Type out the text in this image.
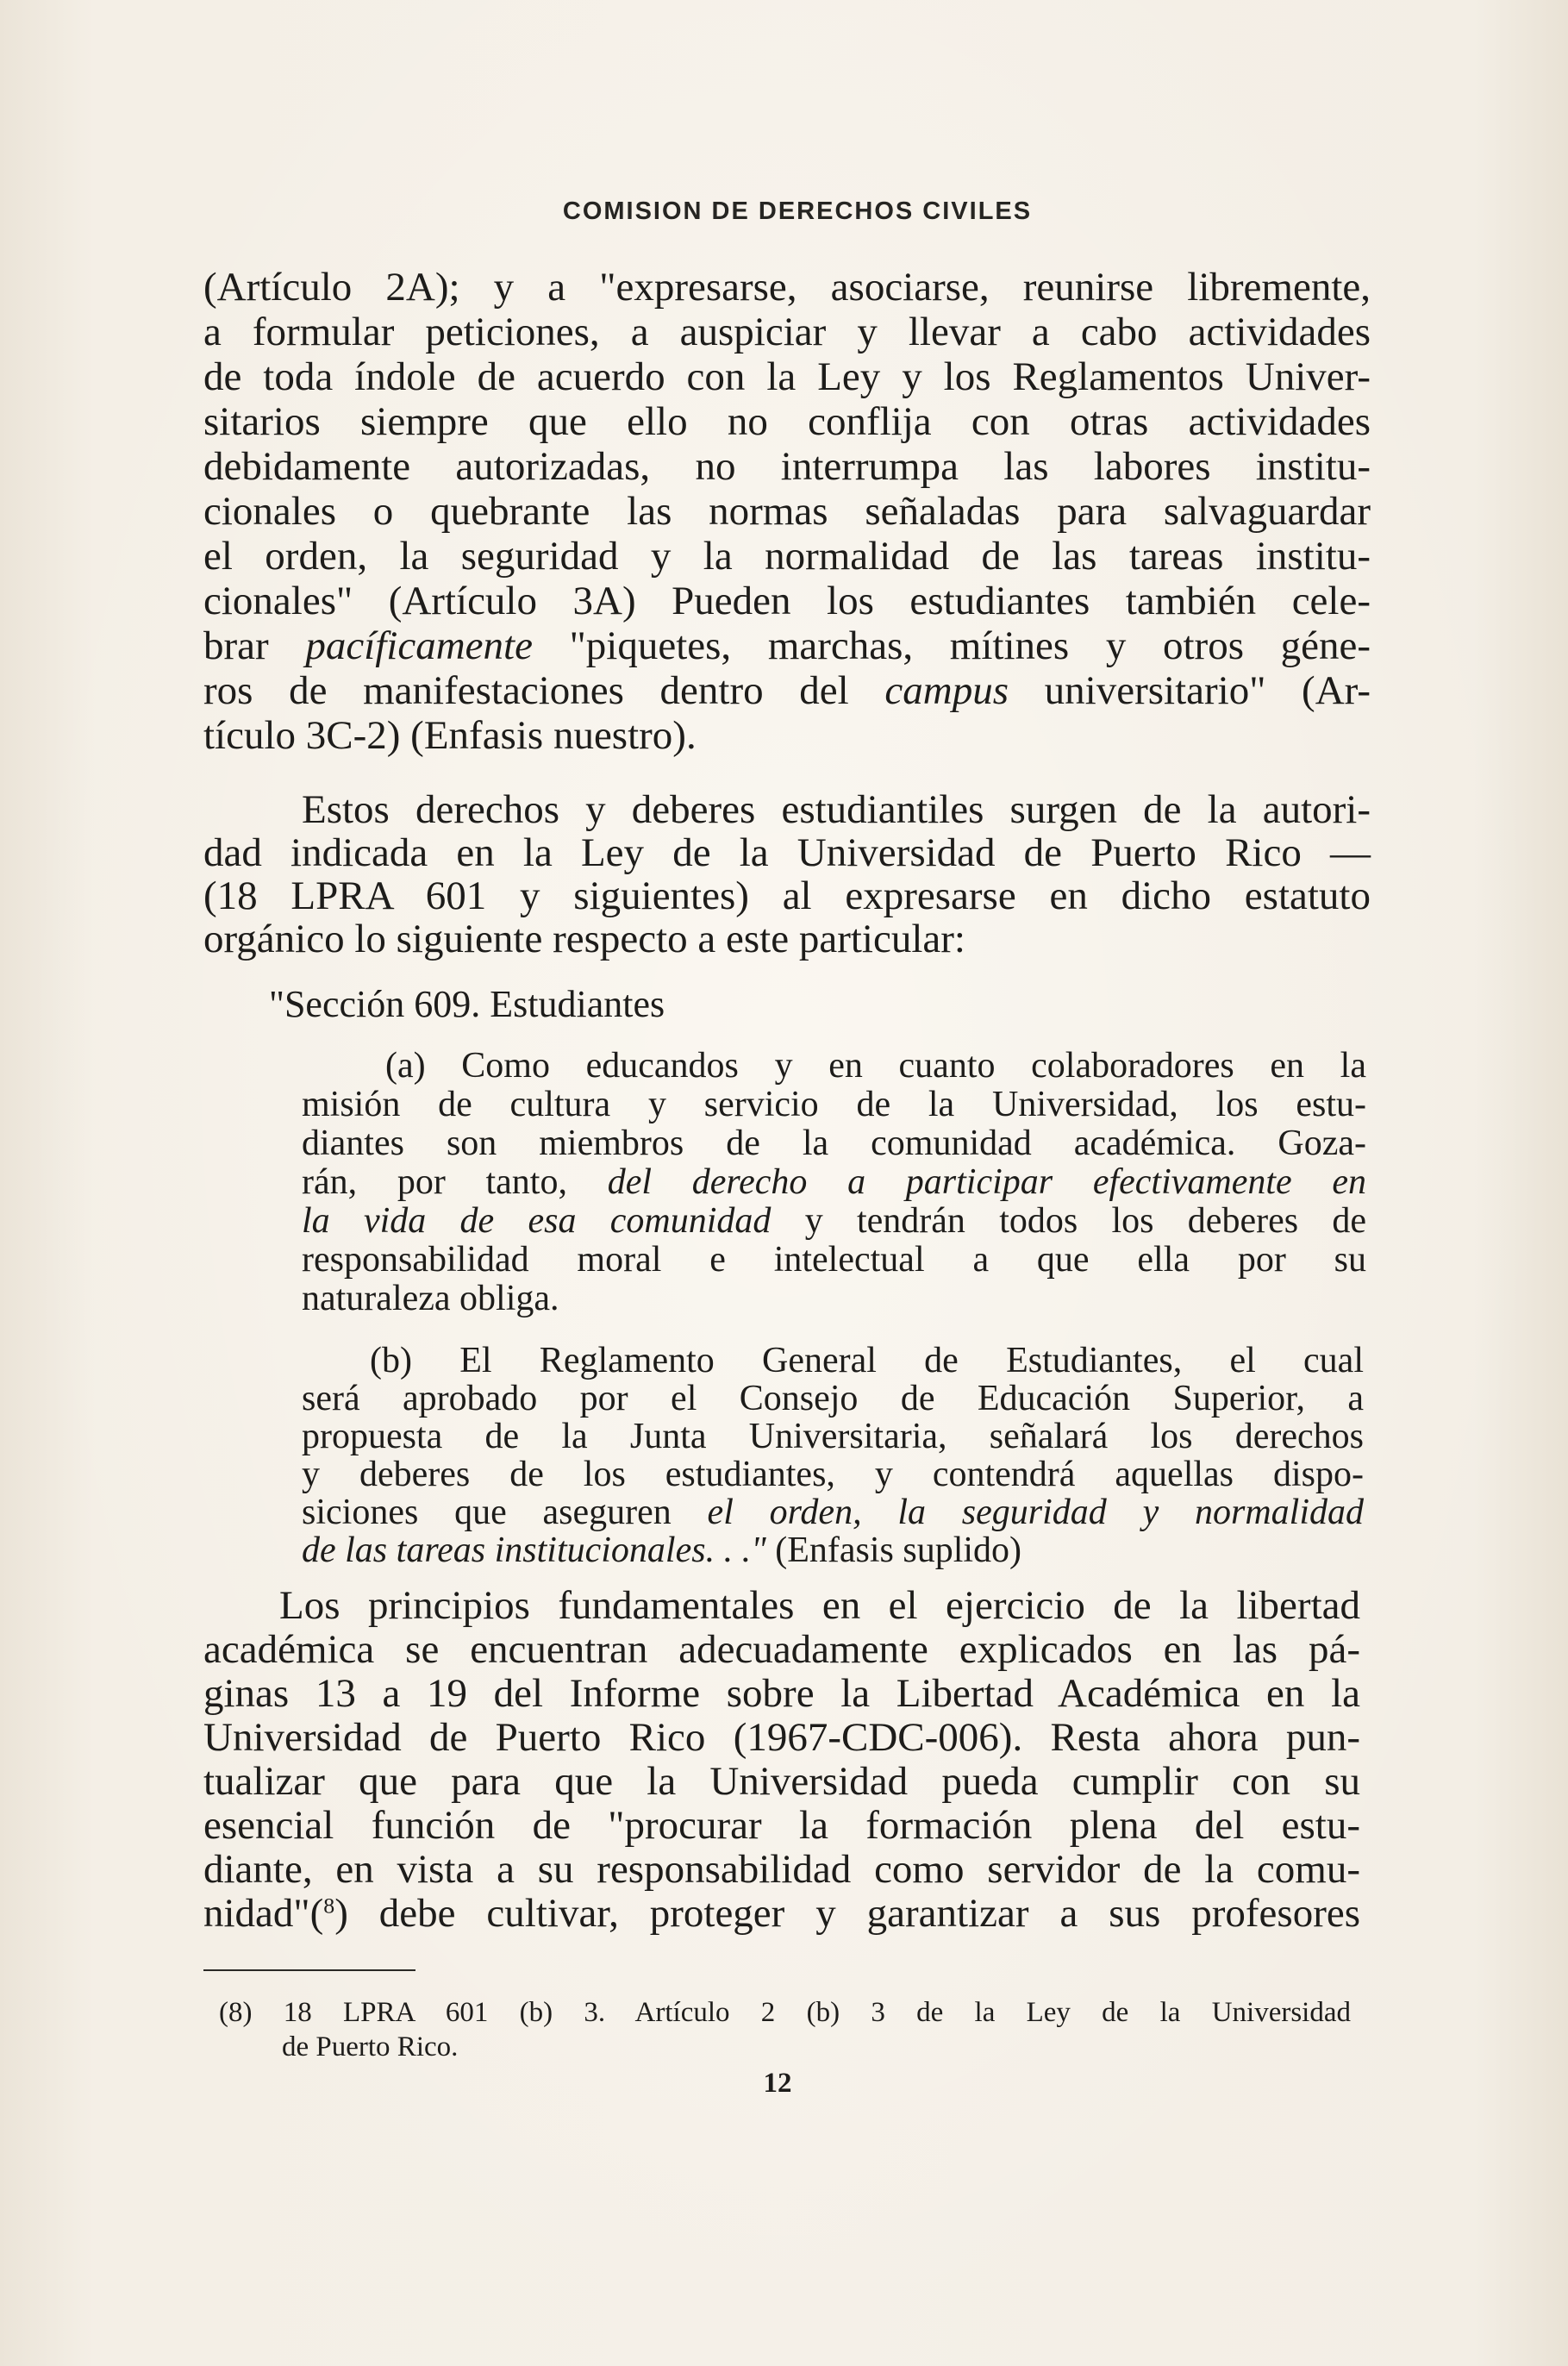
COMISION DE DERECHOS CIVILES
(Artículo 2A); y a "expresarse, asociarse, reunirse libremente,
a formular peticiones, a auspiciar y llevar a cabo actividades
de toda índole de acuerdo con la Ley y los Reglamentos Univer-
sitarios siempre que ello no conflija con otras actividades
debidamente autorizadas, no interrumpa las labores institu-
cionales o quebrante las normas señaladas para salvaguardar
el orden, la seguridad y la normalidad de las tareas institu-
cionales" (Artículo 3A) Pueden los estudiantes también cele-
brar pacíficamente "piquetes, marchas, mítines y otros géne-
ros de manifestaciones dentro del campus universitario" (Ar-
tículo 3C-2) (Enfasis nuestro).
Estos derechos y deberes estudiantiles surgen de la autori-
dad indicada en la Ley de la Universidad de Puerto Rico —
(18 LPRA 601 y siguientes) al expresarse en dicho estatuto
orgánico lo siguiente respecto a este particular:
"Sección 609. Estudiantes
(a) Como educandos y en cuanto colaboradores en la
misión de cultura y servicio de la Universidad, los estu-
diantes son miembros de la comunidad académica. Goza-
rán, por tanto, del derecho a participar efectivamente en
la vida de esa comunidad y tendrán todos los deberes de
responsabilidad moral e intelectual a que ella por su
naturaleza obliga.
(b) El Reglamento General de Estudiantes, el cual
será aprobado por el Consejo de Educación Superior, a
propuesta de la Junta Universitaria, señalará los derechos
y deberes de los estudiantes, y contendrá aquellas dispo-
siciones que aseguren el orden, la seguridad y normalidad
de las tareas institucionales. . ." (Enfasis suplido)
Los principios fundamentales en el ejercicio de la libertad
académica se encuentran adecuadamente explicados en las pá-
ginas 13 a 19 del Informe sobre la Libertad Académica en la
Universidad de Puerto Rico (1967-CDC-006). Resta ahora pun-
tualizar que para que la Universidad pueda cumplir con su
esencial función de "procurar la formación plena del estu-
diante, en vista a su responsabilidad como servidor de la comu-
nidad"($^8$) debe cultivar, proteger y garantizar a sus profesores
(8) 18 LPRA 601 (b) 3. Artículo 2 (b) 3 de la Ley de la Universidad
de Puerto Rico.
12
